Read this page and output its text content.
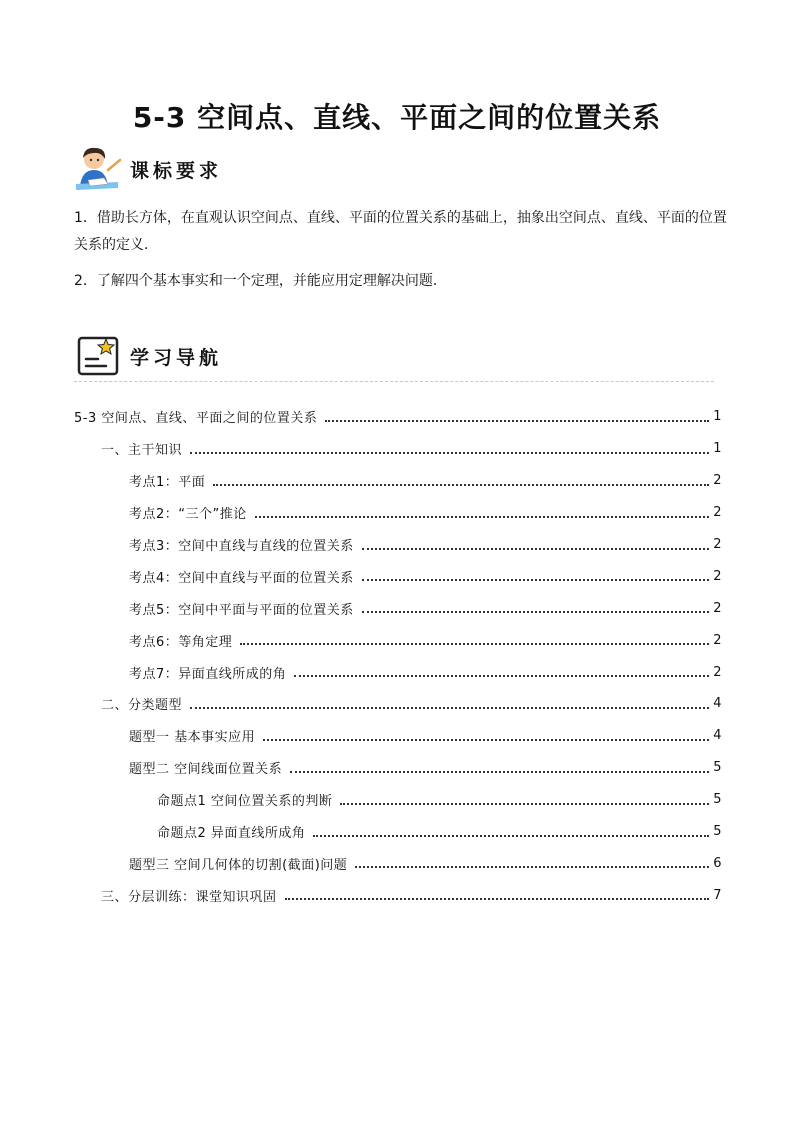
5-3 空间点、直线、平面之间的位置关系
课标要求
1．借助长方体，在直观认识空间点、直线、平面的位置关系的基础上，抽象出空间点、直线、平面的位置关系的定义．
2．了解四个基本事实和一个定理，并能应用定理解决问题．
学习导航
5-3 空间点、直线、平面之间的位置关系	1
一、主干知识	1
考点1：平面	2
考点2：“三个”推论	2
考点3：空间中直线与直线的位置关系	2
考点4：空间中直线与平面的位置关系	2
考点5：空间中平面与平面的位置关系	2
考点6：等角定理	2
考点7：异面直线所成的角	2
二、分类题型	4
题型一 基本事实应用	4
题型二 空间线面位置关系	5
命题点1 空间位置关系的判断	5
命题点2 异面直线所成角	5
题型三 空间几何体的切割(截面)问题	6
三、分层训练：课堂知识巩固	7
